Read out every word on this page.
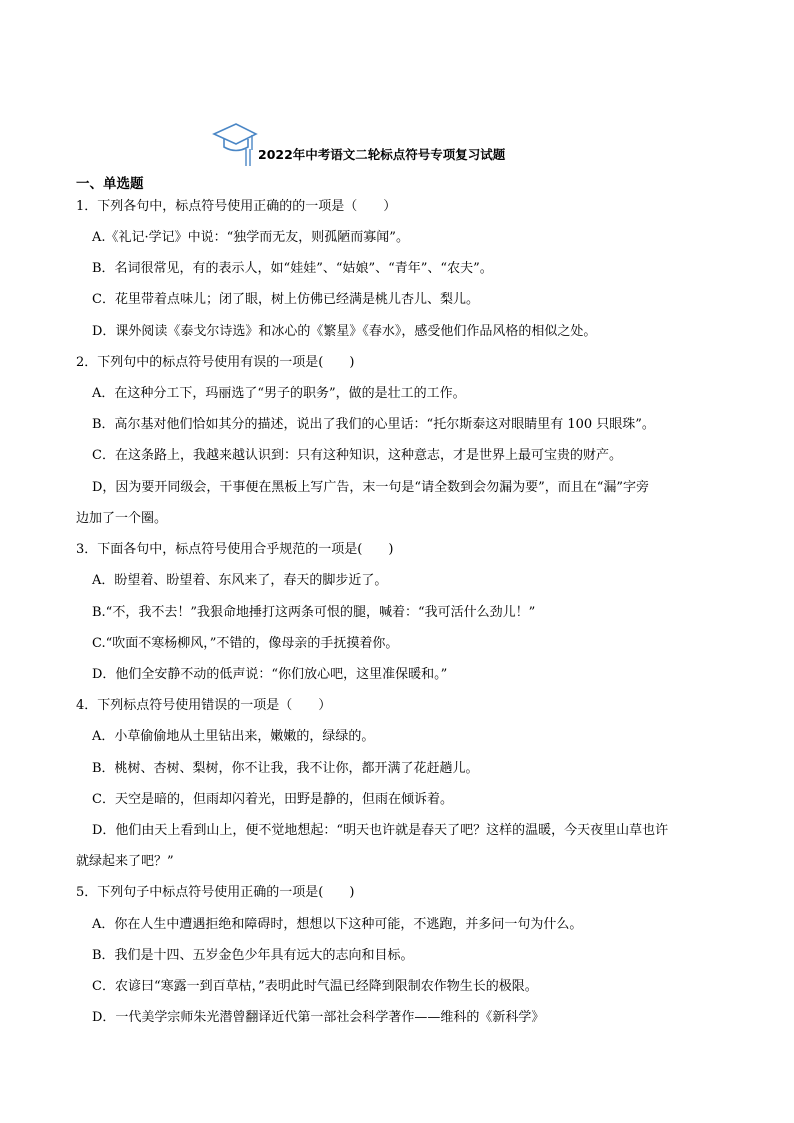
2022年中考语文二轮标点符号专项复习试题
一、单选题
1．下列各句中，标点符号使用正确的的一项是（　　）
A.《礼记·学记》中说：“独学而无友，则孤陋而寡闻”。
B．名词很常见，有的表示人，如“娃娃”、“姑娘”、“青年”、“农夫”。
C．花里带着点味儿；闭了眼，树上仿佛已经满是桃儿杏儿、梨儿。
D．课外阅读《泰戈尔诗选》和冰心的《繁星》《春水》，感受他们作品风格的相似之处。
2．下列句中的标点符号使用有误的一项是(　　)
A．在这种分工下，玛丽选了“男子的职务”，做的是壮工的工作。
B．高尔基对他们恰如其分的描述，说出了我们的心里话：“托尔斯泰这对眼睛里有 100 只眼珠”。
C．在这条路上，我越来越认识到：只有这种知识，这种意志，才是世界上最可宝贵的财产。
D，因为要开同级会，干事便在黑板上写广告，末一句是“请全数到会勿漏为要”，而且在“漏”字旁
边加了一个圈。
3．下面各句中，标点符号使用合乎规范的一项是(　　)
A．盼望着、盼望着、东风来了，春天的脚步近了。
B.“不，我不去！”我狠命地捶打这两条可恨的腿，喊着：“我可活什么劲儿！”
C.“吹面不寒杨柳风，”不错的，像母亲的手抚摸着你。
D．他们全安静不动的低声说：“你们放心吧，这里准保暖和。”
4．下列标点符号使用错误的一项是（　　）
A．小草偷偷地从土里钻出来，嫩嫩的，绿绿的。
B．桃树、杏树、梨树，你不让我，我不让你，都开满了花赶趟儿。
C．天空是暗的，但雨却闪着光，田野是静的，但雨在倾诉着。
D．他们由天上看到山上，便不觉地想起：“明天也许就是春天了吧？这样的温暖，今天夜里山草也许
就绿起来了吧？”
5．下列句子中标点符号使用正确的一项是(　　)
A．你在人生中遭遇拒绝和障碍时，想想以下这种可能，不逃跑，并多问一句为什么。
B．我们是十四、五岁金色少年具有远大的志向和目标。
C．农谚曰“寒露一到百草枯，”表明此时气温已经降到限制农作物生长的极限。
D．一代美学宗师朱光潜曾翻译近代第一部社会科学著作——维科的《新科学》
